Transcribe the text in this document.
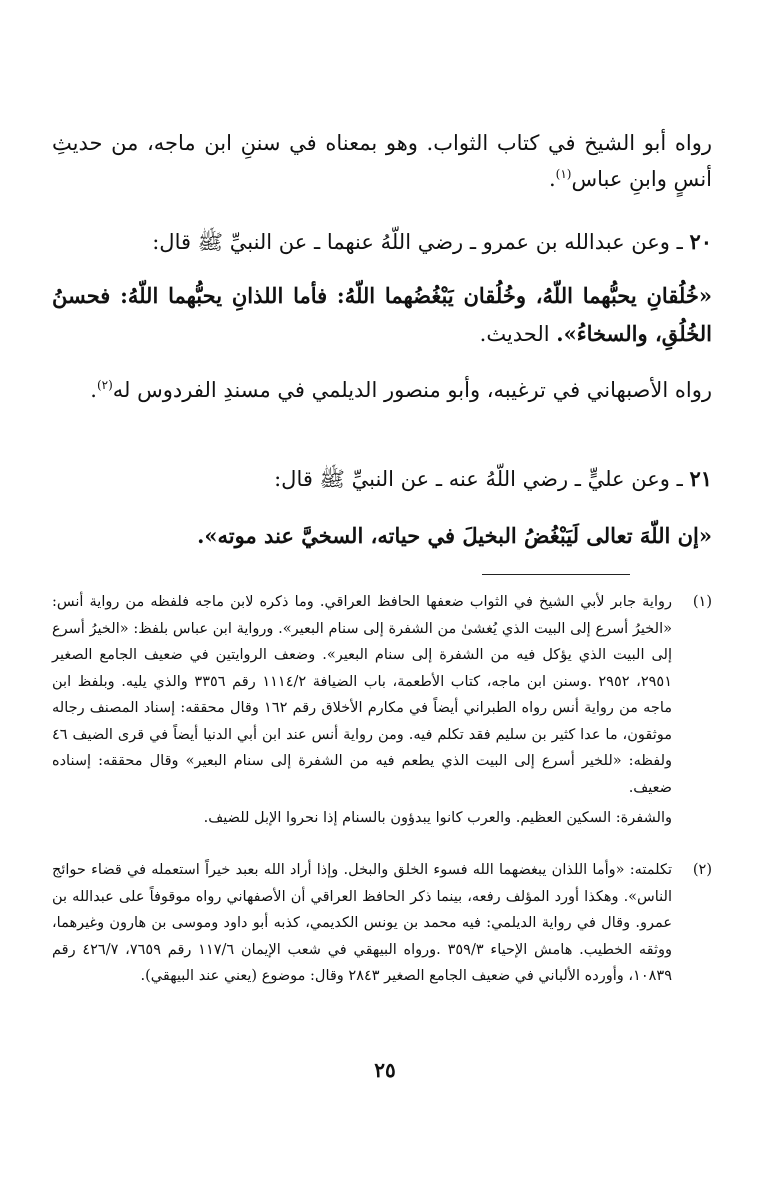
رواه أبو الشيخ في كتاب الثواب. وهو بمعناه في سننِ ابن ماجه، من حديثِ أنسٍ وابنِ عباس$^{(١)}$.
٢٠ ـ وعن عبدالله بن عمرو ـ رضي اللّهُ عنهما ـ عن النبيِّ ﷺ قال:
«خُلُقانِ يحبُّهما اللّهُ، وخُلُقان يَبْغُضُهما اللّهُ: فأما اللذانِ يحبُّهما اللّهُ: فحسنُ الخُلُقِ، والسخاءُ». الحديث.
رواه الأصبهاني في ترغيبه، وأبو منصور الديلمي في مسندِ الفردوس له$^{(٢)}$.
٢١ ـ وعن عليٍّ ـ رضي اللّهُ عنه ـ عن النبيِّ ﷺ قال:
«إن اللّهَ تعالى لَيَبْغُضُ البخيلَ في حياته، السخيَّ عند موته».
(١)
رواية جابر لأبي الشيخ في الثواب ضعفها الحافظ العراقي. وما ذكره لابن ماجه فلفظه من رواية أنس: «الخيرُ أسرع إلى البيت الذي يُغشىٰ من الشفرة إلى سنام البعير». ورواية ابن عباس بلفظ: «الخيرُ أسرع إلى البيت الذي يؤكل فيه من الشفرة إلى سنام البعير». وضعف الروايتين في ضعيف الجامع الصغير ٢٩٥١، ٢٩٥٢ .وسنن ابن ماجه، كتاب الأطعمة، باب الضيافة ١١١٤/٢ رقم ٣٣٥٦ والذي يليه. وبلفظ ابن ماجه من رواية أنس رواه الطبراني أيضاً في مكارم الأخلاق رقم ١٦٢ وقال محققه: إسناد المصنف رجاله موثقون، ما عدا كثير بن سليم فقد تكلم فيه. ومن رواية أنس عند ابن أبي الدنيا أيضاً في قرى الضيف ٤٦ ولفظه: «للخير أسرع إلى البيت الذي يطعم فيه من الشفرة إلى سنام البعير» وقال محققه: إسناده ضعيف.
والشفرة: السكين العظيم. والعرب كانوا يبدؤون بالسنام إذا نحروا الإبل للضيف.
(٢)
تكلمته: «وأما اللذان يبغضهما الله فسوء الخلق والبخل. وإذا أراد الله بعبد خيراً استعمله في قضاء حوائج الناس». وهكذا أورد المؤلف رفعه، بينما ذكر الحافظ العراقي أن الأصفهاني رواه موقوفاً على عبدالله بن عمرو. وقال في رواية الديلمي: فيه محمد بن يونس الكديمي، كذبه أبو داود وموسى بن هارون وغيرهما، ووثقه الخطيب. هامش الإحياء ٣٥٩/٣ .ورواه البيهقي في شعب الإيمان ١١٧/٦ رقم ٧٦٥٩، ٤٢٦/٧ رقم ١٠٨٣٩، وأورده الألباني في ضعيف الجامع الصغير ٢٨٤٣ وقال: موضوع (يعني عند البيهقي).
٢٥
